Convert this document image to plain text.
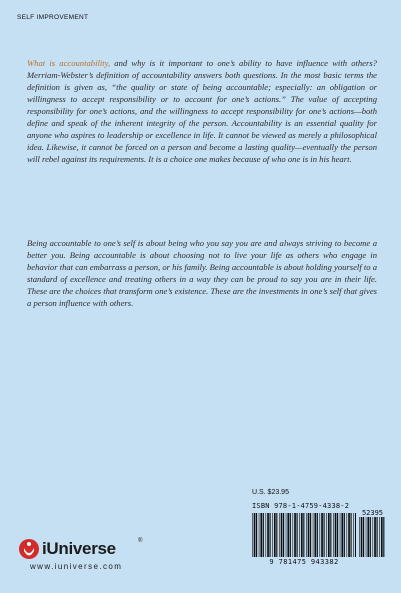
SELF IMPROVEMENT

What is accountability, and why is it important to one’s ability to have influence with others? Merriam-Webster’s definition of accountability answers both questions. In the most basic terms the definition is given as, “the quality or state of being accountable; especially: an obligation or willingness to accept responsibility or to account for one’s actions.” The value of accepting responsibility for one’s actions, and the willingness to accept responsibility for one’s actions—both define and speak of the inherent integrity of the person. Accountability is an essential quality for anyone who aspires to leadership or excellence in life. It cannot be viewed as merely a philosophical idea. Likewise, it cannot be forced on a person and become a lasting quality—eventually the person will rebel against its requirements. It is a choice one makes because of who one is in his heart.

Being accountable to one’s self is about being who you say you are and always striving to become a better you. Being accountable is about choosing not to live your life as others who engage in behavior that can embarrass a person, or his family. Being accountable is about holding yourself to a standard of excellence and treating others in a way they can be proud to say you are in their life. These are the choices that transform one’s existence. These are the investments in one’s self that gives a person influence with others.

U.S. $23.95
ISBN 978-1-4759-4338-2
52395
9 781475 943382
iUniverse	®
www.iuniverse.com
